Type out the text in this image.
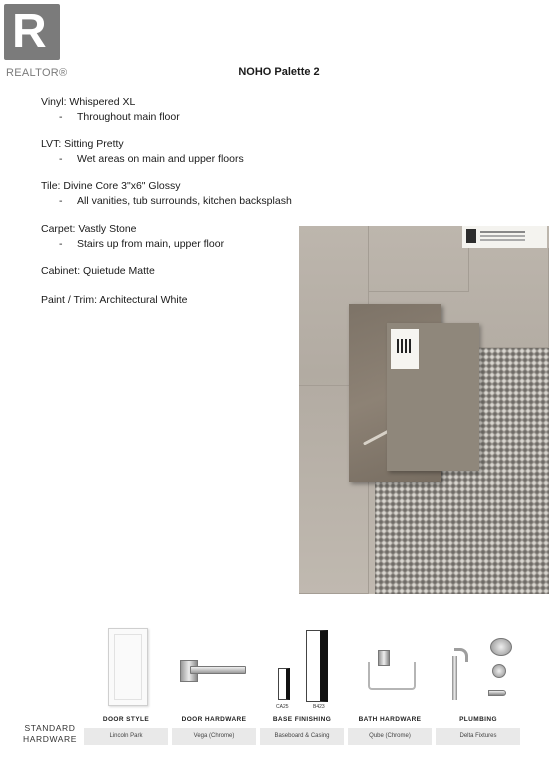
R
REALTOR®	NOHO Palette 2
Vinyl: Whispered XL
- Throughout main floor
LVT: Sitting Pretty
- Wet areas on main and upper floors
Tile: Divine Core 3"x6" Glossy
- All vanities, tub surrounds, kitchen backsplash
Carpet: Vastly Stone
- Stairs up from main, upper floor
Cabinet: Quietude Matte
Paint / Trim: Architectural White
CA25	B423
STANDARD
HARDWARE
DOOR STYLE
Lincoln Park
DOOR HARDWARE
Vega (Chrome)
BASE FINISHING
Baseboard & Casing
BATH HARDWARE
Qube (Chrome)
PLUMBING
Delta Fixtures
